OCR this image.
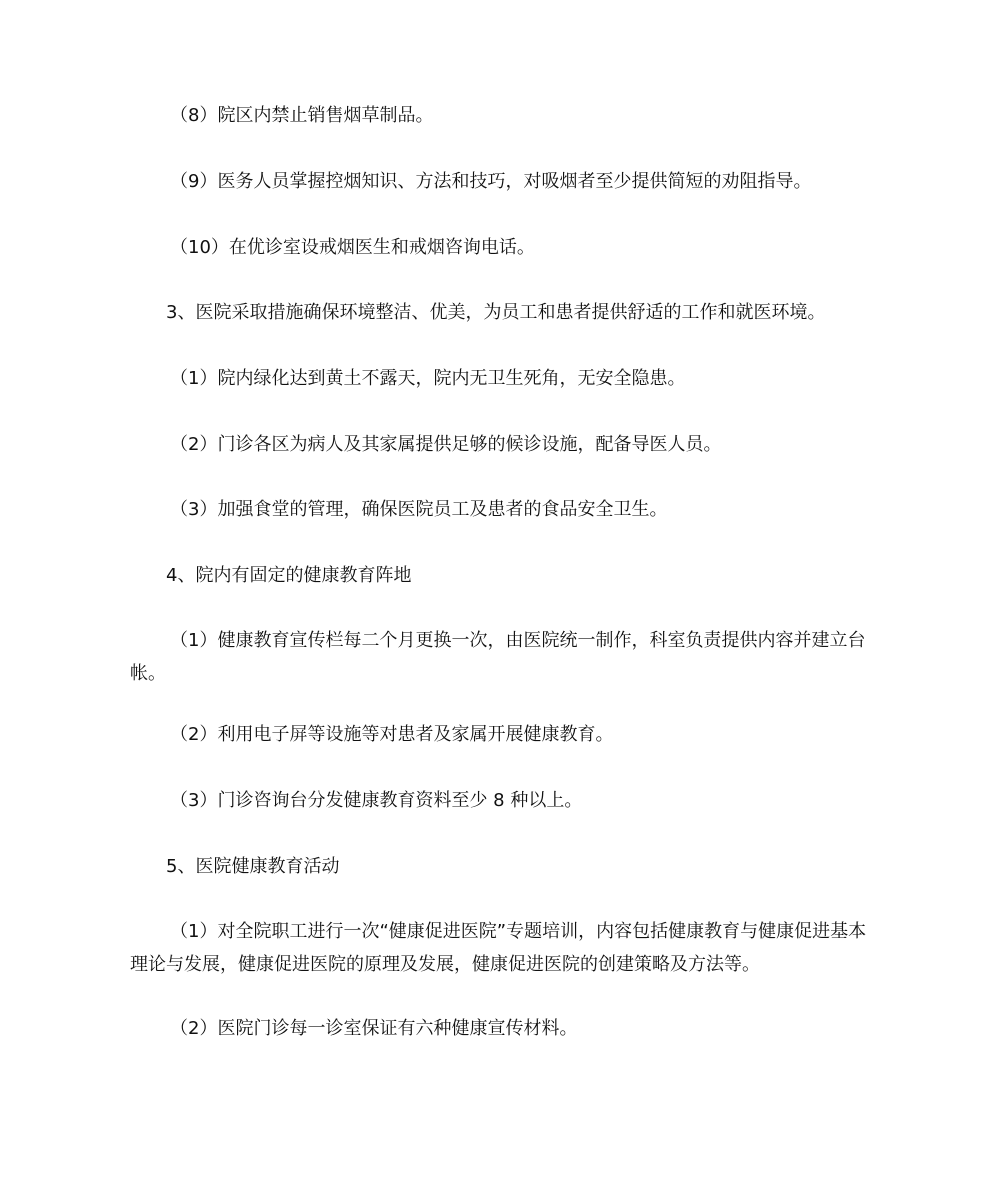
（8）院区内禁止销售烟草制品。

（9）医务人员掌握控烟知识、方法和技巧，对吸烟者至少提供简短的劝阻指导。

（10）在优诊室设戒烟医生和戒烟咨询电话。

3、医院采取措施确保环境整洁、优美，为员工和患者提供舒适的工作和就医环境。

（1）院内绿化达到黄土不露天，院内无卫生死角，无安全隐患。

（2）门诊各区为病人及其家属提供足够的候诊设施，配备导医人员。

（3）加强食堂的管理，确保医院员工及患者的食品安全卫生。

4、院内有固定的健康教育阵地

（1）健康教育宣传栏每二个月更换一次，由医院统一制作，科室负责提供内容并建立台帐。

（2）利用电子屏等设施等对患者及家属开展健康教育。

（3）门诊咨询台分发健康教育资料至少 8 种以上。

5、医院健康教育活动

（1）对全院职工进行一次“健康促进医院”专题培训，内容包括健康教育与健康促进基本理论与发展，健康促进医院的原理及发展，健康促进医院的创建策略及方法等。

（2）医院门诊每一诊室保证有六种健康宣传材料。
